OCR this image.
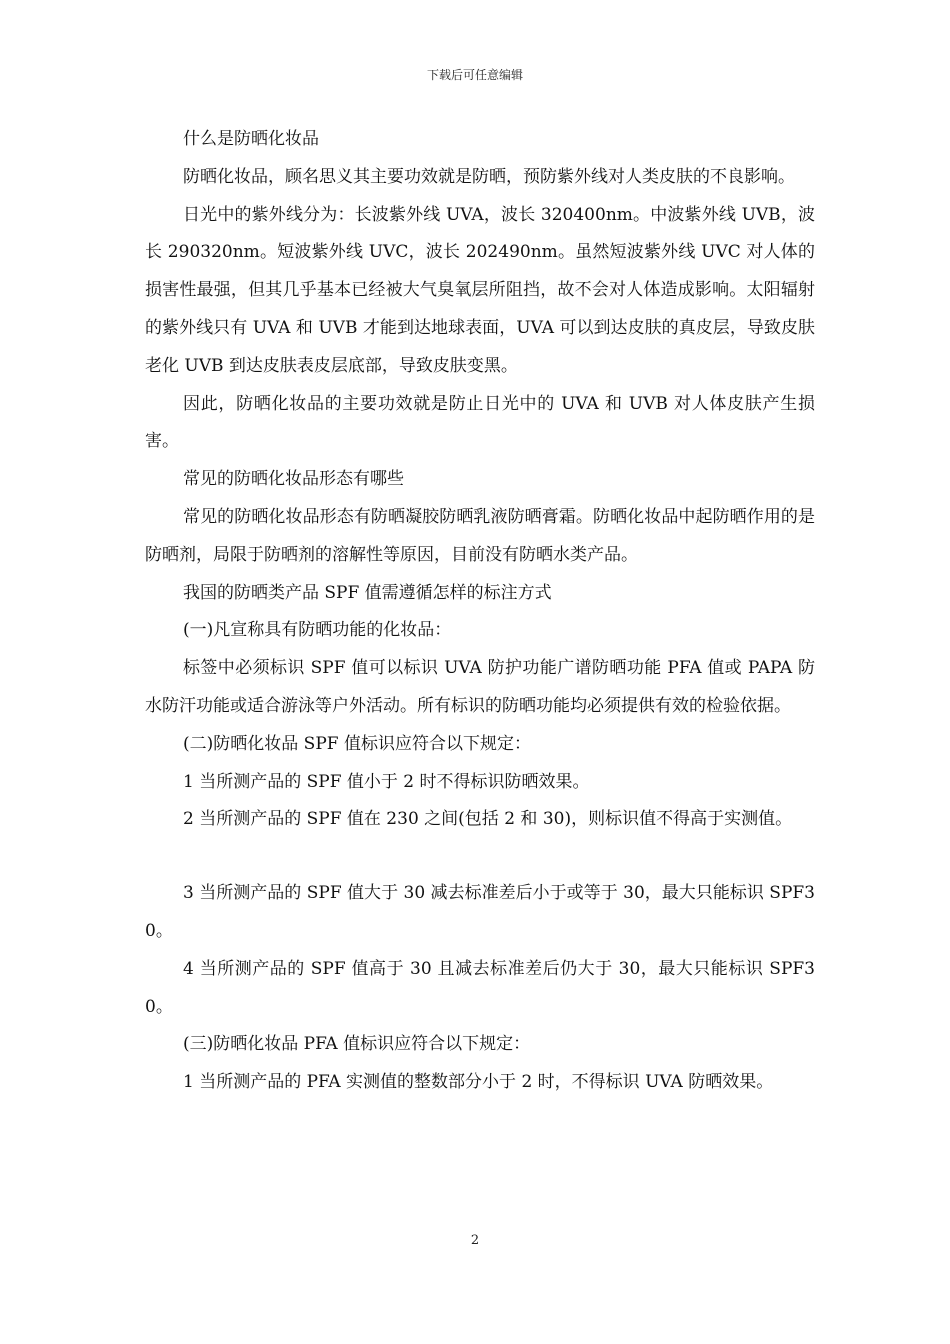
下载后可任意编辑

什么是防晒化妆品

防晒化妆品，顾名思义其主要功效就是防晒，预防紫外线对人类皮肤的不良影响。

日光中的紫外线分为：长波紫外线 UVA，波长 320400nm。中波紫外线 UVB，波长 290320nm。短波紫外线 UVC，波长 202490nm。虽然短波紫外线 UVC 对人体的损害性最强，但其几乎基本已经被大气臭氧层所阻挡，故不会对人体造成影响。太阳辐射的紫外线只有 UVA 和 UVB 才能到达地球表面，UVA 可以到达皮肤的真皮层，导致皮肤老化 UVB 到达皮肤表皮层底部，导致皮肤变黑。

因此，防晒化妆品的主要功效就是防止日光中的 UVA 和 UVB 对人体皮肤产生损害。

常见的防晒化妆品形态有哪些

常见的防晒化妆品形态有防晒凝胶防晒乳液防晒膏霜。防晒化妆品中起防晒作用的是防晒剂，局限于防晒剂的溶解性等原因，目前没有防晒水类产品。

我国的防晒类产品 SPF 值需遵循怎样的标注方式

(一)凡宣称具有防晒功能的化妆品：

标签中必须标识 SPF 值可以标识 UVA 防护功能广谱防晒功能 PFA 值或 PAPA 防水防汗功能或适合游泳等户外活动。所有标识的防晒功能均必须提供有效的检验依据。

(二)防晒化妆品 SPF 值标识应符合以下规定：

1 当所测产品的 SPF 值小于 2 时不得标识防晒效果。

2 当所测产品的 SPF 值在 230 之间(包括 2 和 30)，则标识值不得高于实测值。

3 当所测产品的 SPF 值大于 30 减去标准差后小于或等于 30，最大只能标识 SPF30。

4 当所测产品的 SPF 值高于 30 且减去标准差后仍大于 30，最大只能标识 SPF30。

(三)防晒化妆品 PFA 值标识应符合以下规定：

1 当所测产品的 PFA 实测值的整数部分小于 2 时，不得标识 UVA 防晒效果。

2
